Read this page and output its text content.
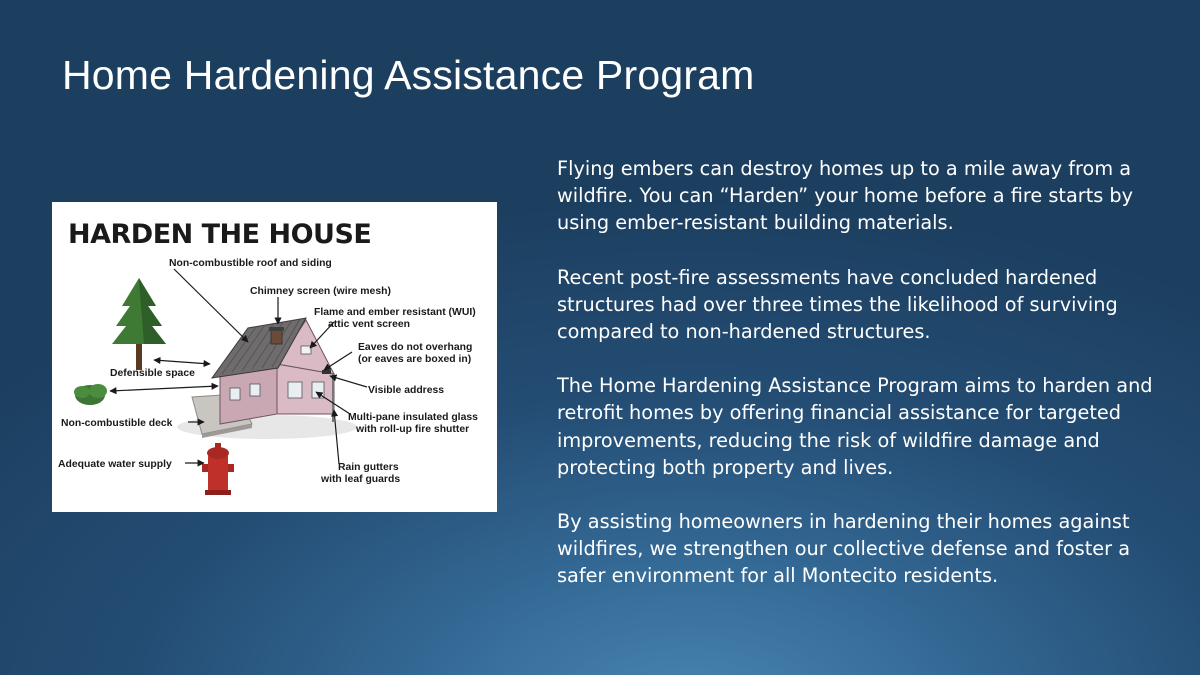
Home Hardening Assistance Program
HARDEN THE HOUSE
Non-combustible roof and siding
Chimney screen (wire mesh)
Flame and ember resistant (WUI)
attic vent screen
Eaves do not overhang
(or eaves are boxed in)
Defensible space
Visible address
Non-combustible deck
Multi-pane insulated glass
with roll-up fire shutter
Adequate water supply	Rain gutters
with leaf guards

Flying embers can destroy homes up to a mile away from a wildfire. You can “Harden” your home before a fire starts by using ember-resistant building materials.

Recent post-fire assessments have concluded hardened structures had over three times the likelihood of surviving compared to non-hardened structures.

The Home Hardening Assistance Program aims to harden and retrofit homes by offering financial assistance for targeted improvements, reducing the risk of wildfire damage and protecting both property and lives.

By assisting homeowners in hardening their homes against wildfires, we strengthen our collective defense and foster a safer environment for all Montecito residents.
